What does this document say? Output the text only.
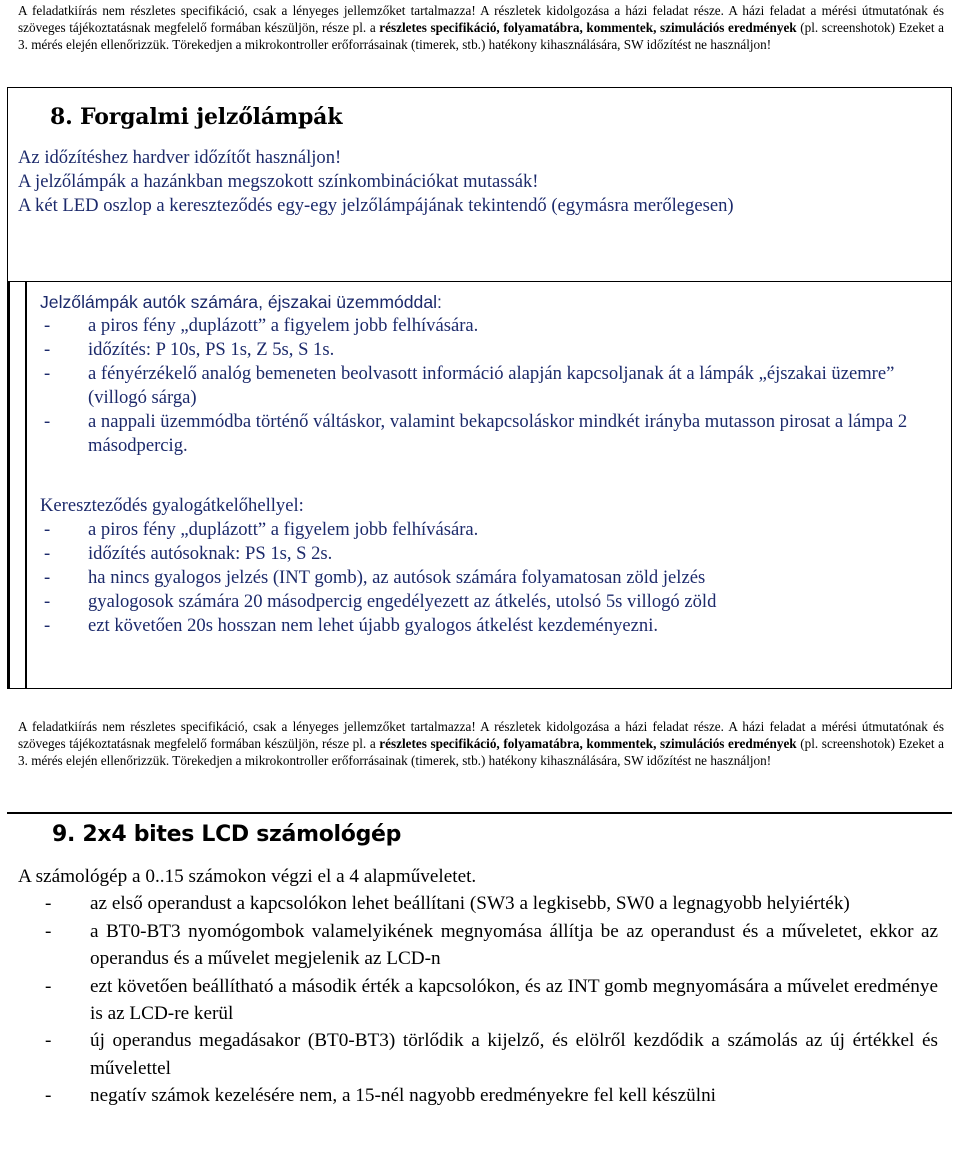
A feladatkiírás nem részletes specifikáció, csak a lényeges jellemzőket tartalmazza! A részletek kidolgozása a házi feladat része. A házi feladat a mérési útmutatónak és szöveges tájékoztatásnak megfelelő formában készüljön, része pl. a részletes specifikáció, folyamatábra, kommentek, szimulációs eredmények (pl. screenshotok) Ezeket a 3. mérés elején ellenőrizzük. Törekedjen a mikrokontroller erőforrásainak (timerek, stb.) hatékony kihasználására, SW időzítést ne használjon!

8. Forgalmi jelzőlámpák

Az időzítéshez hardver időzítőt használjon!

A jelzőlámpák a hazánkban megszokott színkombinációkat mutassák!

A két LED oszlop a kereszteződés egy-egy jelzőlámpájának tekintendő (egymásra merőlegesen)

Jelzőlámpák autók számára, éjszakai üzemmóddal:

-	a piros fény „duplázott” a figyelem jobb felhívására.
-	időzítés: P 10s, PS 1s, Z 5s, S 1s.
-	a fényérzékelő analóg bemeneten beolvasott információ alapján kapcsoljanak át a lámpák „éjszakai üzemre” (villogó sárga)
-	a nappali üzemmódba történő váltáskor, valamint bekapcsoláskor mindkét irányba mutasson pirosat a lámpa 2 másodpercig.

Kereszteződés gyalogátkelőhellyel:

-	a piros fény „duplázott” a figyelem jobb felhívására.
-	időzítés autósoknak: PS 1s, S 2s.
-	ha nincs gyalogos jelzés (INT gomb), az autósok számára folyamatosan zöld jelzés
-	gyalogosok számára 20 másodpercig engedélyezett az átkelés, utolsó 5s villogó zöld
-	ezt követően 20s hosszan nem lehet újabb gyalogos átkelést kezdeményezni.

A feladatkiírás nem részletes specifikáció, csak a lényeges jellemzőket tartalmazza! A részletek kidolgozása a házi feladat része. A házi feladat a mérési útmutatónak és szöveges tájékoztatásnak megfelelő formában készüljön, része pl. a részletes specifikáció, folyamatábra, kommentek, szimulációs eredmények (pl. screenshotok) Ezeket a 3. mérés elején ellenőrizzük. Törekedjen a mikrokontroller erőforrásainak (timerek, stb.) hatékony kihasználására, SW időzítést ne használjon!

9. 2x4 bites LCD számológép

A számológép a 0..15 számokon végzi el a 4 alapműveletet.

-	az első operandust a kapcsolókon lehet beállítani (SW3 a legkisebb, SW0 a legnagyobb helyiérték)
-	a BT0-BT3 nyomógombok valamelyikének megnyomása állítja be az operandust és a műveletet, ekkor az operandus és a művelet megjelenik az LCD-n
-	ezt követően beállítható a második érték a kapcsolókon, és az INT gomb megnyomására a művelet eredménye is az LCD-re kerül
-	új operandus megadásakor (BT0-BT3) törlődik a kijelző, és elölről kezdődik a számolás az új értékkel és művelettel
-	negatív számok kezelésére nem, a 15-nél nagyobb eredményekre fel kell készülni
